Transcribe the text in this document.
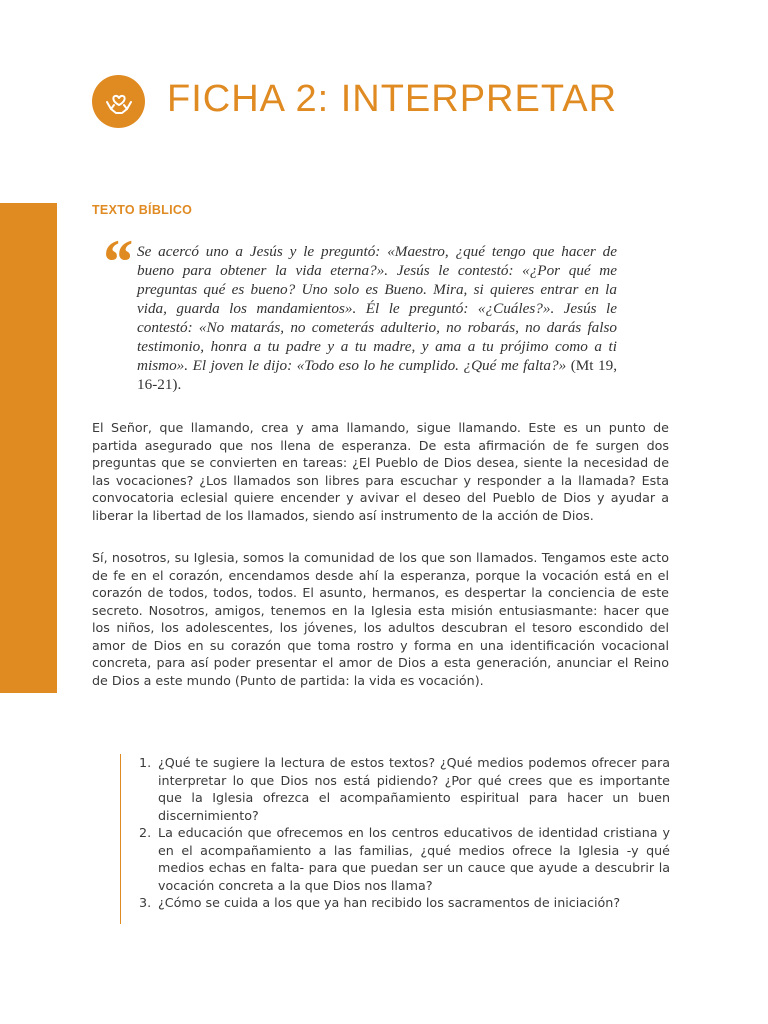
FICHA 2: INTERPRETAR
TEXTO BÍBLICO
“ Se acercó uno a Jesús y le preguntó: «Maestro, ¿qué tengo que hacer de bueno para obtener la vida eterna?». Jesús le contestó: «¿Por qué me preguntas qué es bueno? Uno solo es Bueno. Mira, si quieres entrar en la vida, guarda los mandamientos». Él le preguntó: «¿Cuáles?». Jesús le contestó: «No matarás, no cometerás adulterio, no robarás, no darás falso testimonio, honra a tu padre y a tu madre, y ama a tu prójimo como a ti mismo». El joven le dijo: «Todo eso lo he cumplido. ¿Qué me falta?» (Mt 19, 16-21).

El Señor, que llamando, crea y ama llamando, sigue llamando. Este es un punto de partida asegurado que nos llena de esperanza. De esta afirmación de fe surgen dos preguntas que se convierten en tareas: ¿El Pueblo de Dios desea, siente la necesidad de las vocaciones? ¿Los llamados son libres para escuchar y responder a la llamada? Esta convocatoria eclesial quiere encender y avivar el deseo del Pueblo de Dios y ayudar a liberar la libertad de los llamados, siendo así instrumento de la acción de Dios.

Sí, nosotros, su Iglesia, somos la comunidad de los que son llamados. Tengamos este acto de fe en el corazón, encendamos desde ahí la esperanza, porque la vocación está en el corazón de todos, todos, todos. El asunto, hermanos, es despertar la conciencia de este secreto. Nosotros, amigos, tenemos en la Iglesia esta misión entusiasmante: hacer que los niños, los adolescentes, los jóvenes, los adultos descubran el tesoro escondido del amor de Dios en su corazón que toma rostro y forma en una identificación vocacional concreta, para así poder presentar el amor de Dios a esta generación, anunciar el Reino de Dios a este mundo (Punto de partida: la vida es vocación).

1. ¿Qué te sugiere la lectura de estos textos? ¿Qué medios podemos ofrecer para interpretar lo que Dios nos está pidiendo? ¿Por qué crees que es importante que la Iglesia ofrezca el acompañamiento espiritual para hacer un buen discernimiento?
2. La educación que ofrecemos en los centros educativos de identidad cristiana y en el acompañamiento a las familias, ¿qué medios ofrece la Iglesia -y qué medios echas en falta- para que puedan ser un cauce que ayude a descubrir la vocación concreta a la que Dios nos llama?
3. ¿Cómo se cuida a los que ya han recibido los sacramentos de iniciación?
